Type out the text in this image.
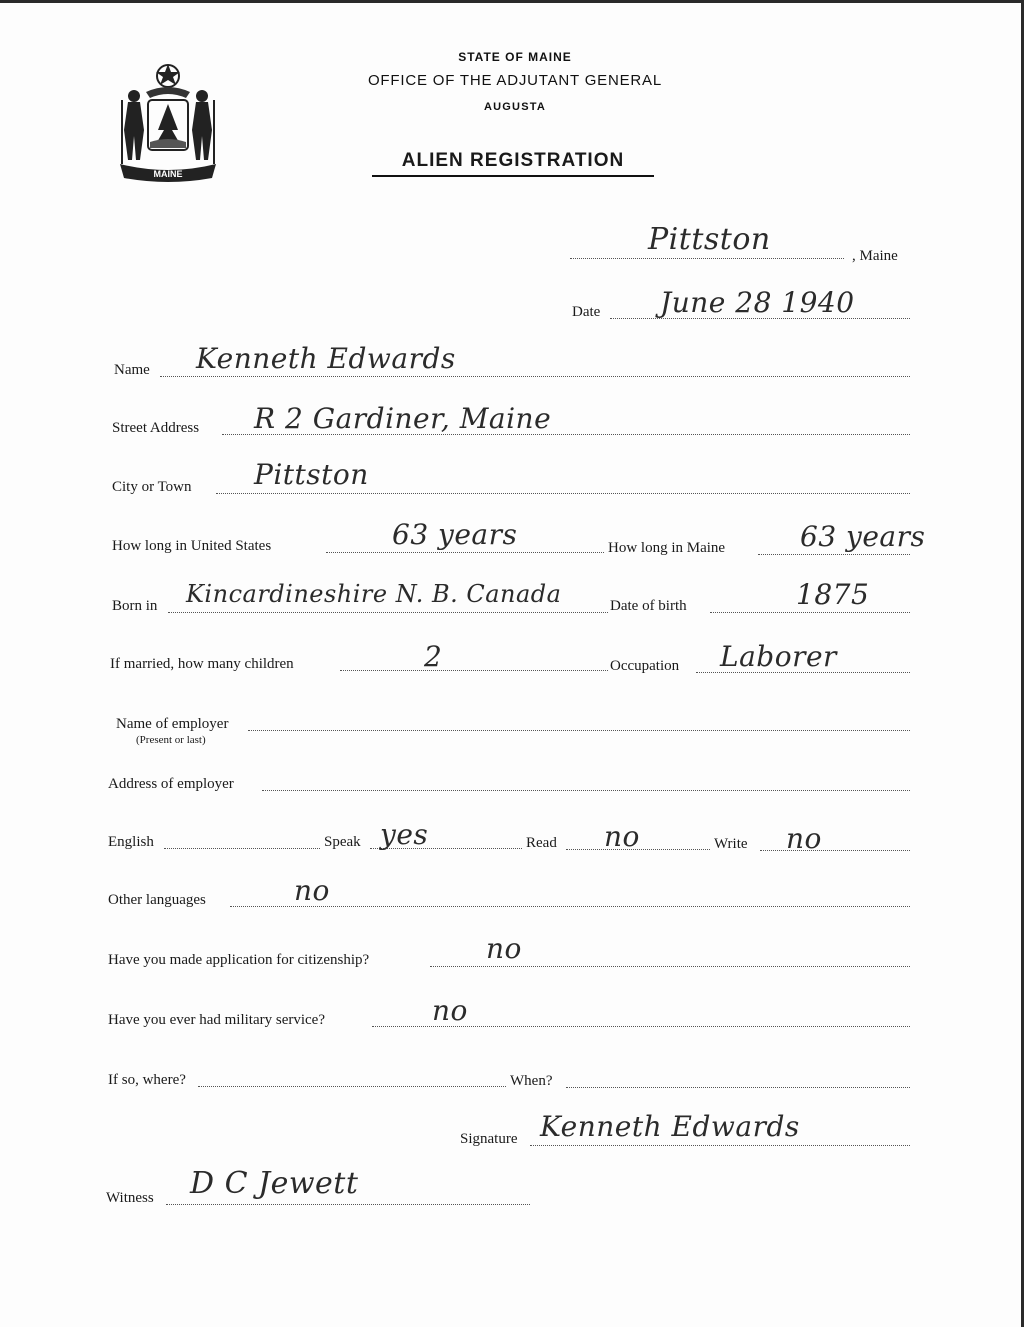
MAINE
STATE OF MAINE
OFFICE OF THE ADJUTANT GENERAL
AUGUSTA
ALIEN REGISTRATION
Pittston	, Maine
Date June 28 1940
Name Kenneth Edwards
Street Address R 2 Gardiner, Maine
City or Town Pittston
How long in United States	63 years	How long in Maine	63 years
Born in Kincardineshire N. B. Canada	Date of birth	1875
If married, how many children	2	Occupation Laborer
Name of employer
(Present or last)
Address of employer
English	Speak yes	Read no	Write no
Other languages	no
Have you made application for citizenship?	no
Have you ever had military service?	no
If so, where?	When?
Signature Kenneth Edwards
Witness D C Jewett
